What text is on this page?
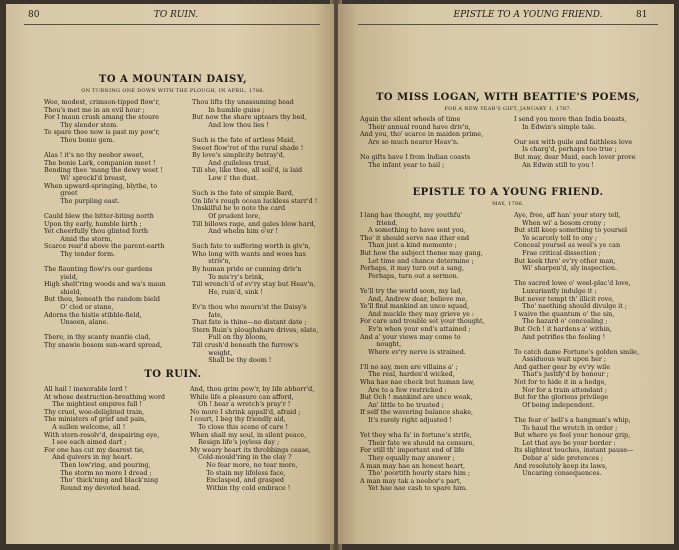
80	TO RUIN.
TO A MOUNTAIN DAISY,
ON TURNING ONE DOWN WITH THE PLOUGH, IN APRIL, 1786.
Wee, modest, crimson-tipped flow'r,
Thou's met me in an evil hour ;
For I maun crush amang the stoure
Thy slender stem.
To spare thee now is past my pow'r,
Thou bonie gem.

Alas ! it's no thy neebor sweet,
The bonie Lark, companion meet !
Bending thee 'mang the dewy weet !
Wi' spreckl'd breast,
When upward-springing, blythe, to
greet
The purpling east.

Cauld blew the bitter-biting north
Upon thy early, humble birth ;
Yet cheerfully thou glinted forth
Amid the storm,
Scarce rear'd above the parent-earth
Thy tender form.

The flaunting flow'rs our gardens
yield,
High shelt'ring woods and wa's maun
shield,
But thou, beneath the random bield
O' clod or stane,
Adorns the histie stibble-field,
Unseen, alane.

There, in thy scanty mantle clad,
Thy snawie bosom sun-ward spread,
Thou lifts thy unassuming head
In humble guise ;
But now the share uptears thy bed,
And low thou lies !

Such is the fate of artless Maid,
Sweet flow'ret of the rural shade !
By love's simplicity betray'd,
And guileless trust,
Till she, like thee, all soil'd, is laid
Low i' the dust.

Such is the fate of simple Bard,
On life's rough ocean luckless starr'd !
Unskilful he to note the card
Of prudent lore,
Till billows rage, and gales blow hard,
And whelm him o'er !

Such fate to suffering worth is giv'n,
Who long with wants and woes has
striv'n,
By human pride or cunning driv'n
To mis'ry's brink,
Till wrench'd of ev'ry stay but Heav'n,
He, ruin'd, sink !

Ev'n thou who mourn'st the Daisy's
fate,
That fate is thine—no distant date ;
Stern Ruin's ploughshare drives, elate,
Full on thy bloom,
Till crush'd beneath the furrow's
weight,
Shall be thy doom !
TO RUIN.
All hail ! inexorable lord !
At whose destruction-breathing word
The mightiest empires fall !
Thy cruel, woe-delighted train,
The ministers of grief and pain,
A sullen welcome, all !
With stern-resolv'd, despairing eye,
I see each aimed dart ;
For one has cut my dearest tie,
And quivers in my heart.
Then low'ring, and pouring,
The storm no more I dread ;
Tho' thick'ning and black'ning
Round my devoted head.
And, thou grim pow'r, by life abhorr'd,
While life a pleasure can afford,
Oh ! hear a wretch's pray'r !
No more I shrink appall'd, afraid ;
I court, I beg thy friendly aid,
To close this scene of care !
When shall my soul, in silent peace,
Resign life's joyless day ;
My weary heart its throbbings cease,
Cold-mould'ring in the clay ?
No fear more, no tear more,
To stain my lifeless face,
Enclasped, and grasped
Within thy cold embrace !
EPISTLE TO A YOUNG FRIEND.	81
TO MISS LOGAN, WITH BEATTIE'S POEMS,
FOR A NEW YEAR'S GIFT, JANUARY 1, 1787.
Again the silent wheels of time
Their annual round have driv'n,
And you, tho' scarce in maiden prime,
Are so much nearer Heav'n.

No gifts have I from Indian coasts
The infant year to hail ;
I send you more than India boasts,
In Edwin's simple tale.

Our sex with guile and faithless love
Is charg'd, perhaps too true ;
But may, dear Maid, each lover prove
An Edwin still to you !
EPISTLE TO A YOUNG FRIEND.
MAY, 1786.
I lang hae thought, my youthfu'
friend,
A something to have sent you,
Tho' it should serve nae ither end
Than just a kind memento ;
But how the subject theme may gang,
Let time and chance determine ;
Perhaps, it may turn out a sang,
Perhaps, turn out a sermon.

Ye'll try the world soon, my lad,
And, Andrew dear, believe me,
Ye'll find mankind an unco squad,
And muckle they may grieve ye :
For care and trouble set your thought,
Ev'n when your end's attained ;
And a' your views may come to
nought,
Where ev'ry nerve is strained.

I'll no say, men are villains a' ;
The real, harden'd wicked,
Wha hae nae check but human law,
Are to a few restricked :
But Och ! mankind are unco weak,
An' little to be trusted ;
If self the wavering balance shake,
It's rarely right adjusted !

Yet they wha fa' in fortune's strife,
Their fate we should na censure,
For still th' important end of life
They equally may answer ;
A man may hae an honest heart,
Tho' poortith hourly stare him ;
A man may tak a neebor's part,
Yet hae nae cash to spare him.
Aye, free, aff han' your story tell,
When wi' a bosom crony ;
But still keep something to yoursel
Ye scarcely tell to ony ;
Conceal yoursel as weel's ye can
Frae critical dissection ;
But keek thro' ev'ry other man,
Wi' sharpen'd, sly inspection.

The sacred lowe o' weel-plac'd love,
Luxuriantly indulge it ;
But never tempt th' illicit rove,
Tho' naething should divulge it ;
I waive the quantum o' the sin,
The hazard o' concealing ;
But Och ! it hardens a' within,
And petrifies the feeling !

To catch dame Fortune's golden smile,
Assiduous wait upon her ;
And gather gear by ev'ry wile
That's justify'd by honour ;
Not for to hide it in a hedge,
Nor for a train attendant ;
But for the glorious privilege
Of being independent.

The fear o' hell's a hangman's whip,
To haud the wretch in order ;
But where ye feel your honour grip,
Let that aye be your border :
Its slightest touches, instant pause—
Debar a' side pretences ;
And resolutely keep its laws,
Uncaring consequences.
